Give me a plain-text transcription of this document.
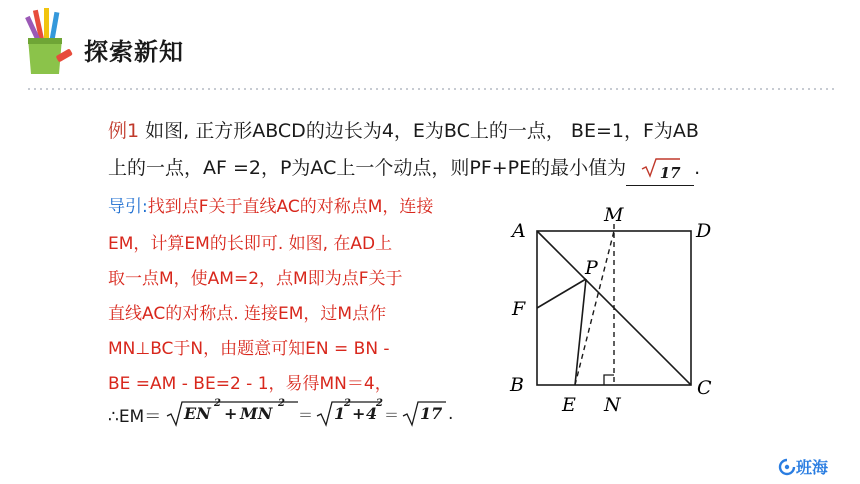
探索新知
例1 如图, 正方形ABCD的边长为4，E为BC上的一点， BE=1，F为AB
上的一点，AF =2，P为AC上一个动点，则PF+PE的最小值为 17 .
导引:找到点F关于直线AC的对称点M，连接
EM，计算EM的长即可. 如图, 在AD上
取一点M，使AM=2，点M即为点F关于
直线AC的对称点. 连接EM，过M点作
MN⊥BC于N，由题意可知EN = BN -
BE =AM - BE=2 - 1，易得MN＝4，
∴EM＝ EN
2
+ MN
2
＝ 1
2
+ 4
2
＝ 17 .
A	D
B	C
E
F
M
N
P
班海
